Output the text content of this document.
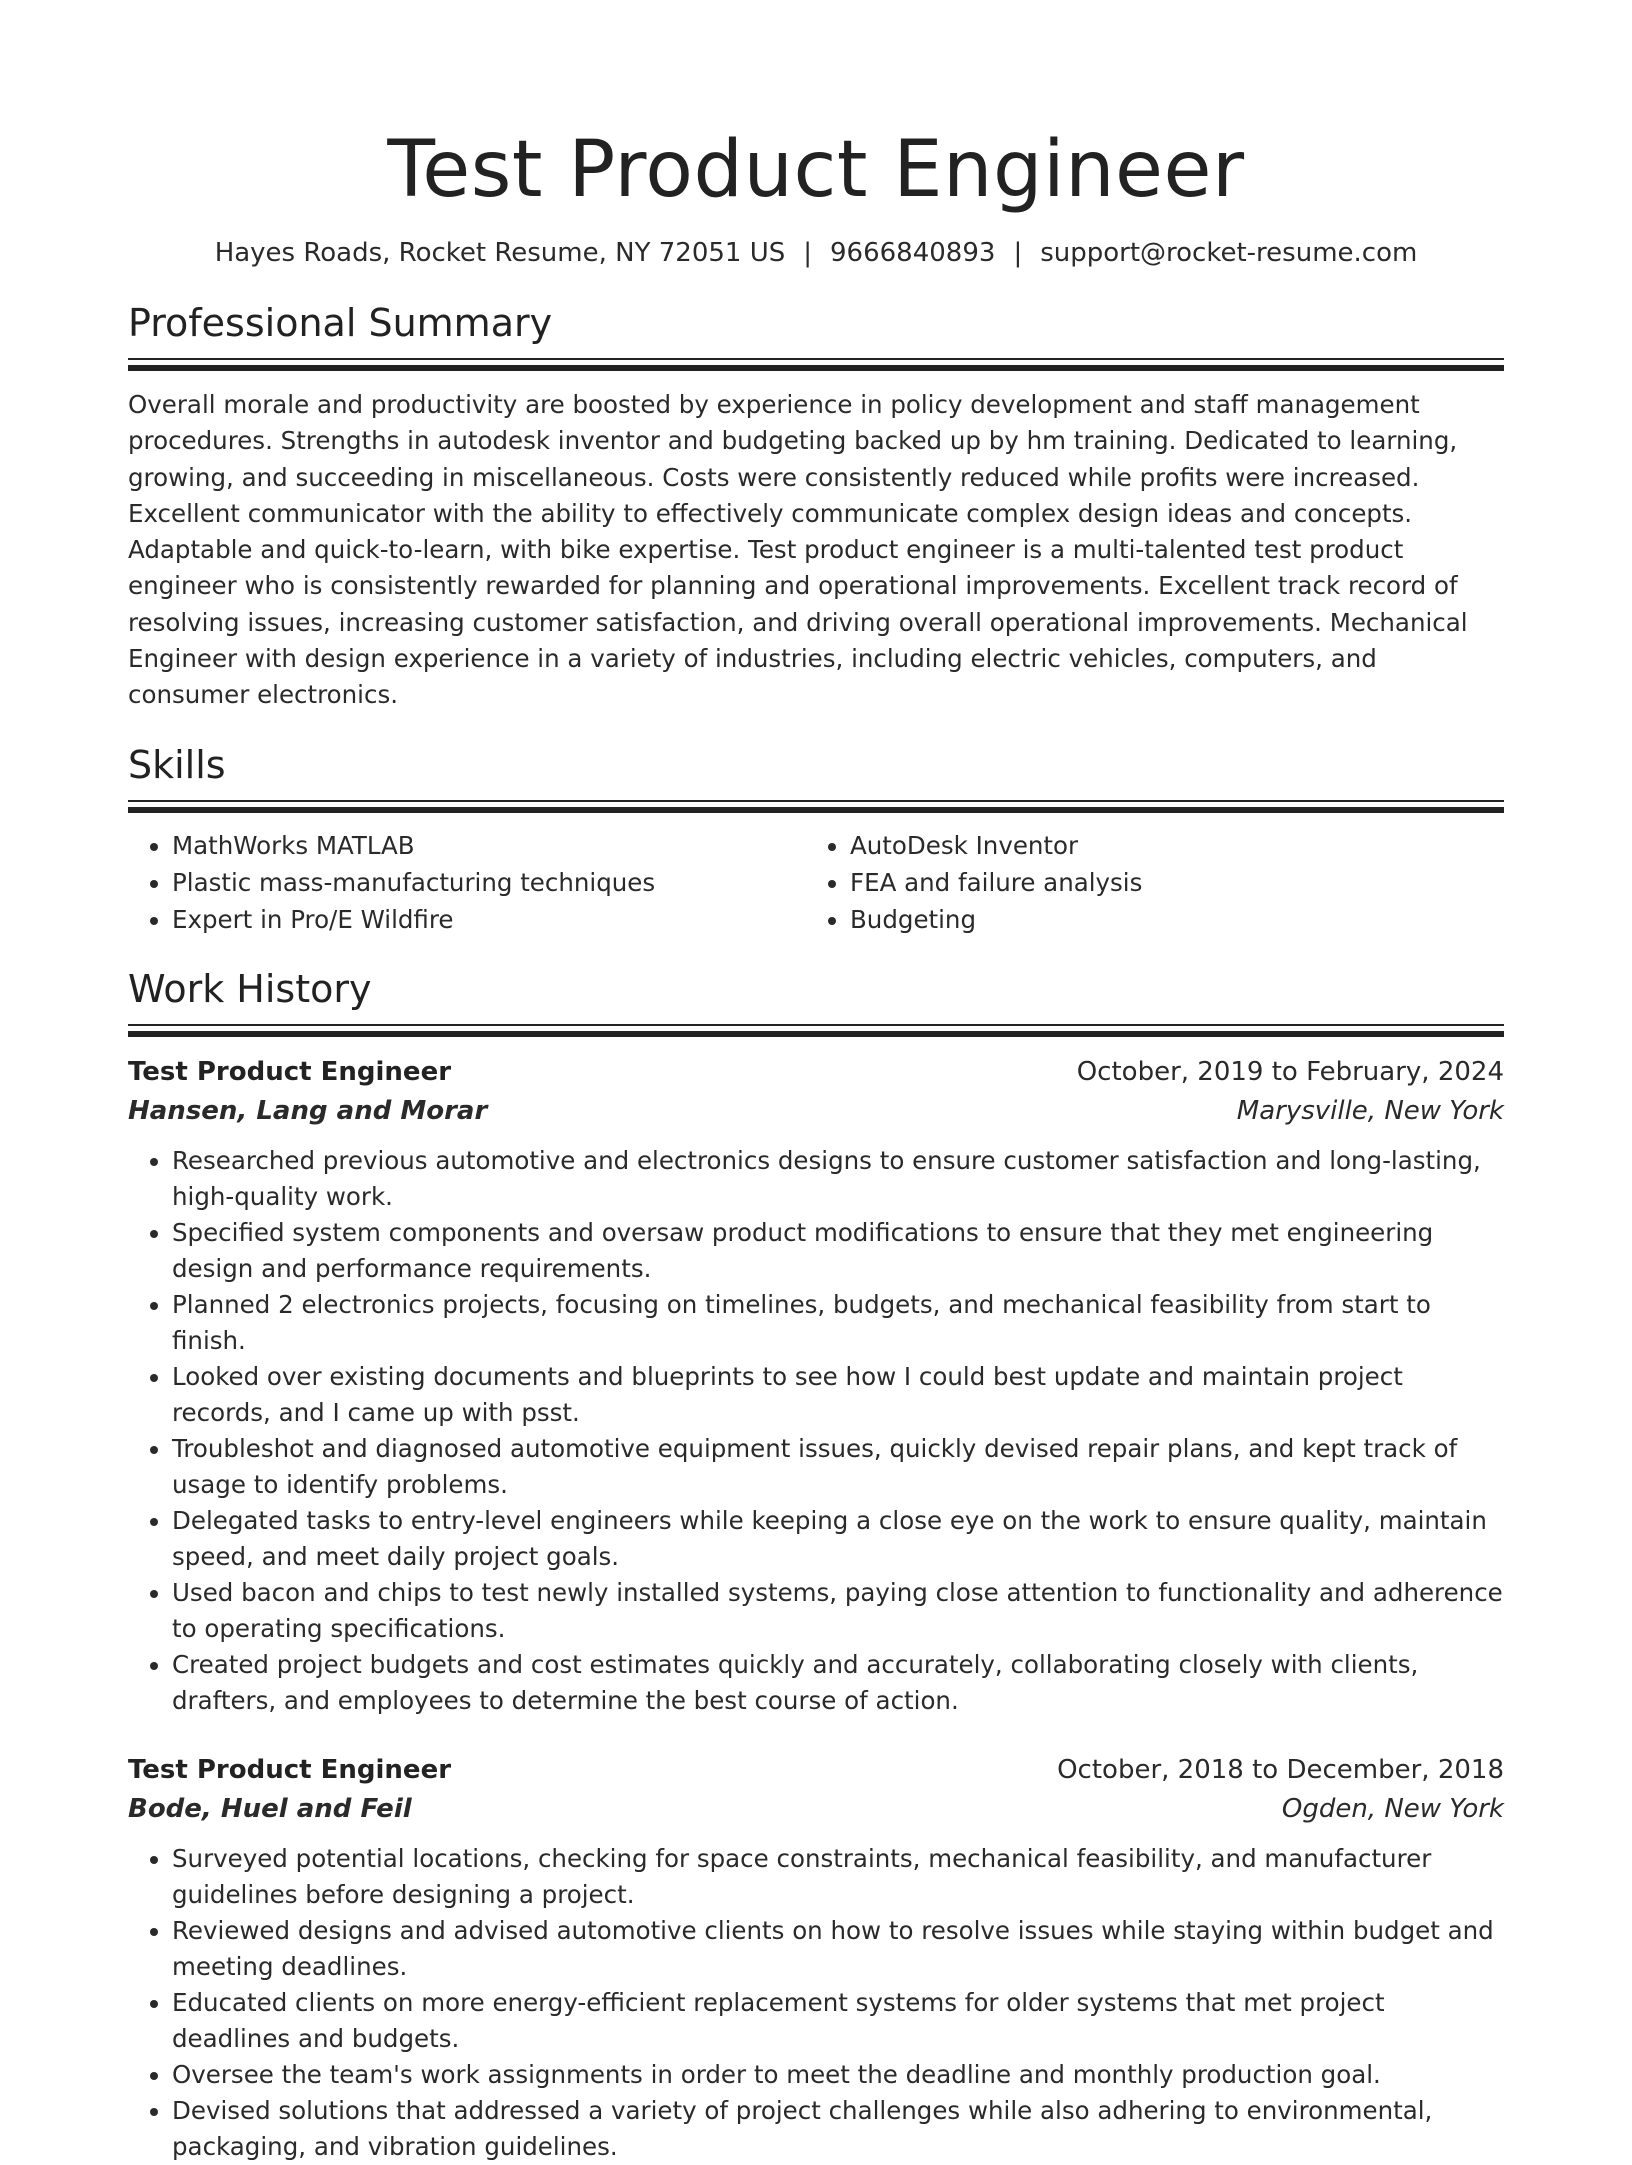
Test Product Engineer
Hayes Roads, Rocket Resume, NY 72051 US | 9666840893 | support@rocket-resume.com
Professional Summary

Overall morale and productivity are boosted by experience in policy development and staff management procedures. Strengths in autodesk inventor and budgeting backed up by hm training. Dedicated to learning, growing, and succeeding in miscellaneous. Costs were consistently reduced while profits were increased. Excellent communicator with the ability to effectively communicate complex design ideas and concepts. Adaptable and quick-to-learn, with bike expertise. Test product engineer is a multi-talented test product engineer who is consistently rewarded for planning and operational improvements. Excellent track record of resolving issues, increasing customer satisfaction, and driving overall operational improvements. Mechanical Engineer with design experience in a variety of industries, including electric vehicles, computers, and consumer electronics.

Skills
• MathWorks MATLAB
• Plastic mass-manufacturing techniques
• Expert in Pro/E Wildfire
• AutoDesk Inventor
• FEA and failure analysis
• Budgeting
Work History
Test Product Engineer	October, 2019 to February, 2024
Hansen, Lang and Morar	Marysville, New York
• Researched previous automotive and electronics designs to ensure customer satisfaction and long-lasting, high-quality work.
• Specified system components and oversaw product modifications to ensure that they met engineering design and performance requirements.
• Planned 2 electronics projects, focusing on timelines, budgets, and mechanical feasibility from start to finish.
• Looked over existing documents and blueprints to see how I could best update and maintain project records, and I came up with psst.
• Troubleshot and diagnosed automotive equipment issues, quickly devised repair plans, and kept track of usage to identify problems.
• Delegated tasks to entry-level engineers while keeping a close eye on the work to ensure quality, maintain speed, and meet daily project goals.
• Used bacon and chips to test newly installed systems, paying close attention to functionality and adherence to operating specifications.
• Created project budgets and cost estimates quickly and accurately, collaborating closely with clients, drafters, and employees to determine the best course of action.
Test Product Engineer	October, 2018 to December, 2018
Bode, Huel and Feil	Ogden, New York
• Surveyed potential locations, checking for space constraints, mechanical feasibility, and manufacturer guidelines before designing a project.
• Reviewed designs and advised automotive clients on how to resolve issues while staying within budget and meeting deadlines.
• Educated clients on more energy-efficient replacement systems for older systems that met project deadlines and budgets.
• Oversee the team's work assignments in order to meet the deadline and monthly production goal.
• Devised solutions that addressed a variety of project challenges while also adhering to environmental, packaging, and vibration guidelines.
